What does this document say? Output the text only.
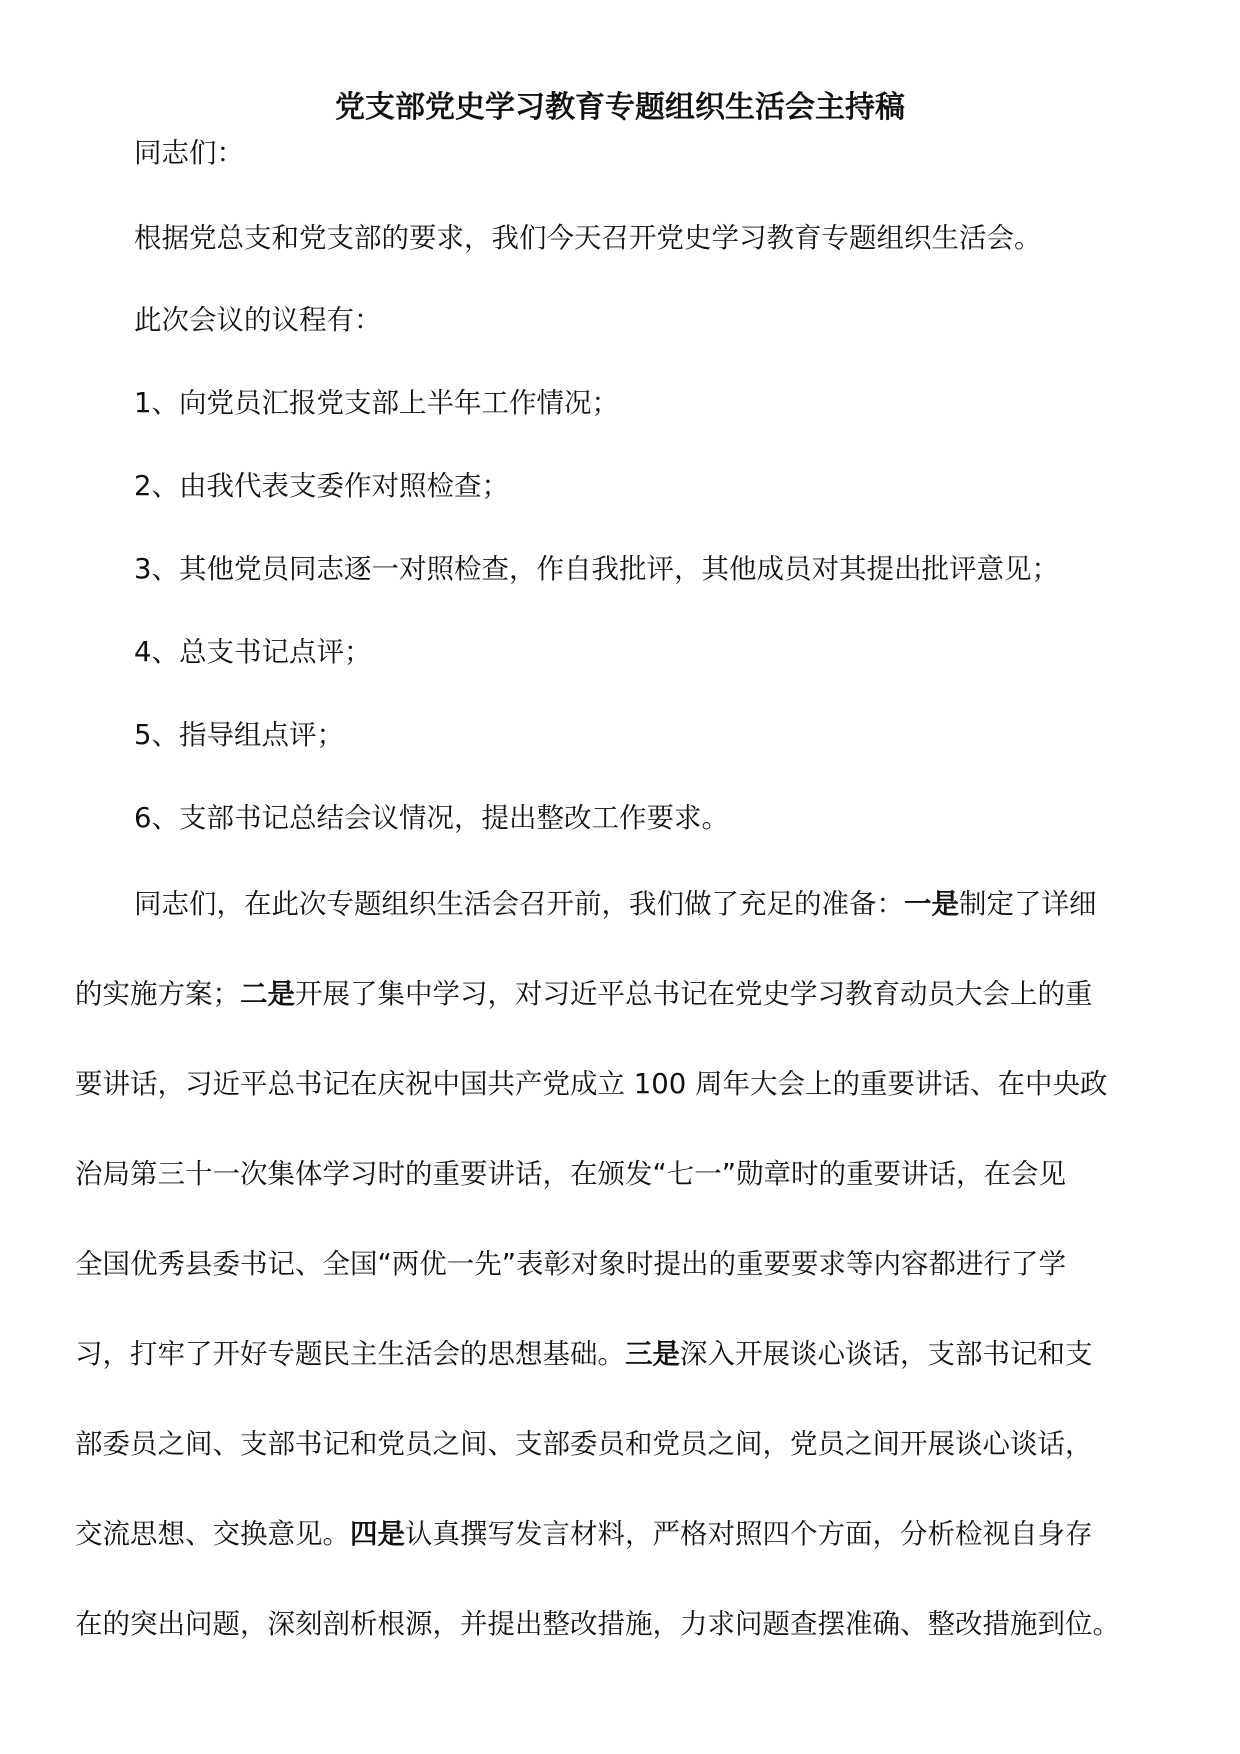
党支部党史学习教育专题组织生活会主持稿
同志们：
根据党总支和党支部的要求，我们今天召开党史学习教育专题组织生活会。
此次会议的议程有：
1、向党员汇报党支部上半年工作情况；
2、由我代表支委作对照检查；
3、其他党员同志逐一对照检查，作自我批评，其他成员对其提出批评意见；
4、总支书记点评；
5、指导组点评；
6、支部书记总结会议情况，提出整改工作要求。
同志们，在此次专题组织生活会召开前，我们做了充足的准备：一是制定了详细
的实施方案；二是开展了集中学习，对习近平总书记在党史学习教育动员大会上的重
要讲话，习近平总书记在庆祝中国共产党成立 100 周年大会上的重要讲话、在中央政
治局第三十一次集体学习时的重要讲话，在颁发“七一”勋章时的重要讲话，在会见
全国优秀县委书记、全国“两优一先”表彰对象时提出的重要要求等内容都进行了学
习，打牢了开好专题民主生活会的思想基础。三是深入开展谈心谈话，支部书记和支
部委员之间、支部书记和党员之间、支部委员和党员之间，党员之间开展谈心谈话，
交流思想、交换意见。四是认真撰写发言材料，严格对照四个方面，分析检视自身存
在的突出问题，深刻剖析根源，并提出整改措施，力求问题查摆准确、整改措施到位。
